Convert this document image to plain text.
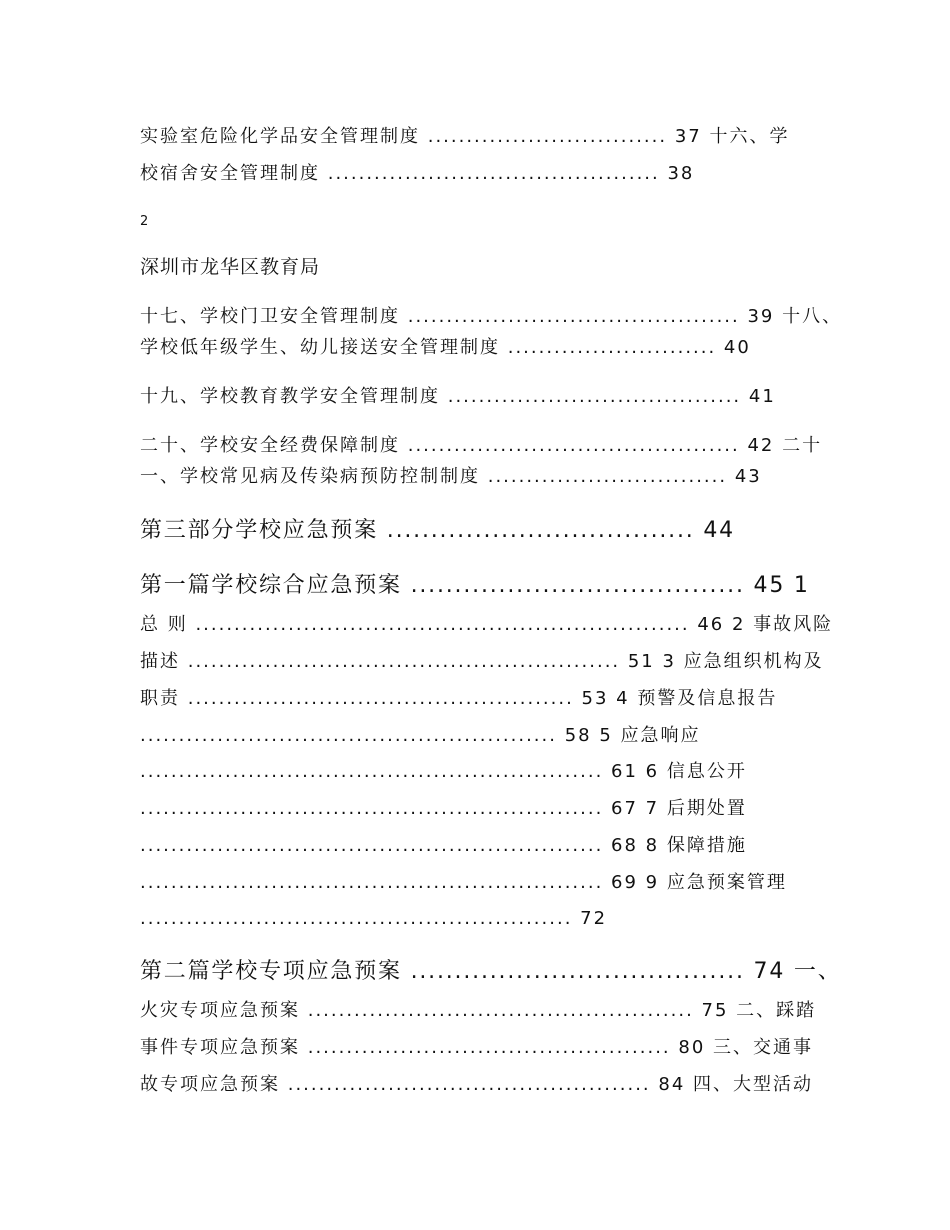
实验室危险化学品安全管理制度 ............................... 37 十六、学
校宿舍安全管理制度 ........................................... 38
2
深圳市龙华区教育局
十七、学校门卫安全管理制度 ........................................... 39 十八、
学校低年级学生、幼儿接送安全管理制度 ........................... 40
十九、学校教育教学安全管理制度 ...................................... 41
二十、学校安全经费保障制度 ........................................... 42 二十
一、学校常见病及传染病预防控制制度 ............................... 43
第三部分学校应急预案 ................................... 44
第一篇学校综合应急预案 ...................................... 45 1
总 则 ................................................................ 46 2 事故风险
描述 ........................................................ 51 3 应急组织机构及
职责 .................................................. 53 4 预警及信息报告
...................................................... 58 5 应急响应
............................................................ 61 6 信息公开
............................................................ 67 7 后期处置
............................................................ 68 8 保障措施
............................................................ 69 9 应急预案管理
........................................................ 72
第二篇学校专项应急预案 ...................................... 74 一、
火灾专项应急预案 .................................................. 75 二、踩踏
事件专项应急预案 ............................................... 80 三、交通事
故专项应急预案 ............................................... 84 四、大型活动
